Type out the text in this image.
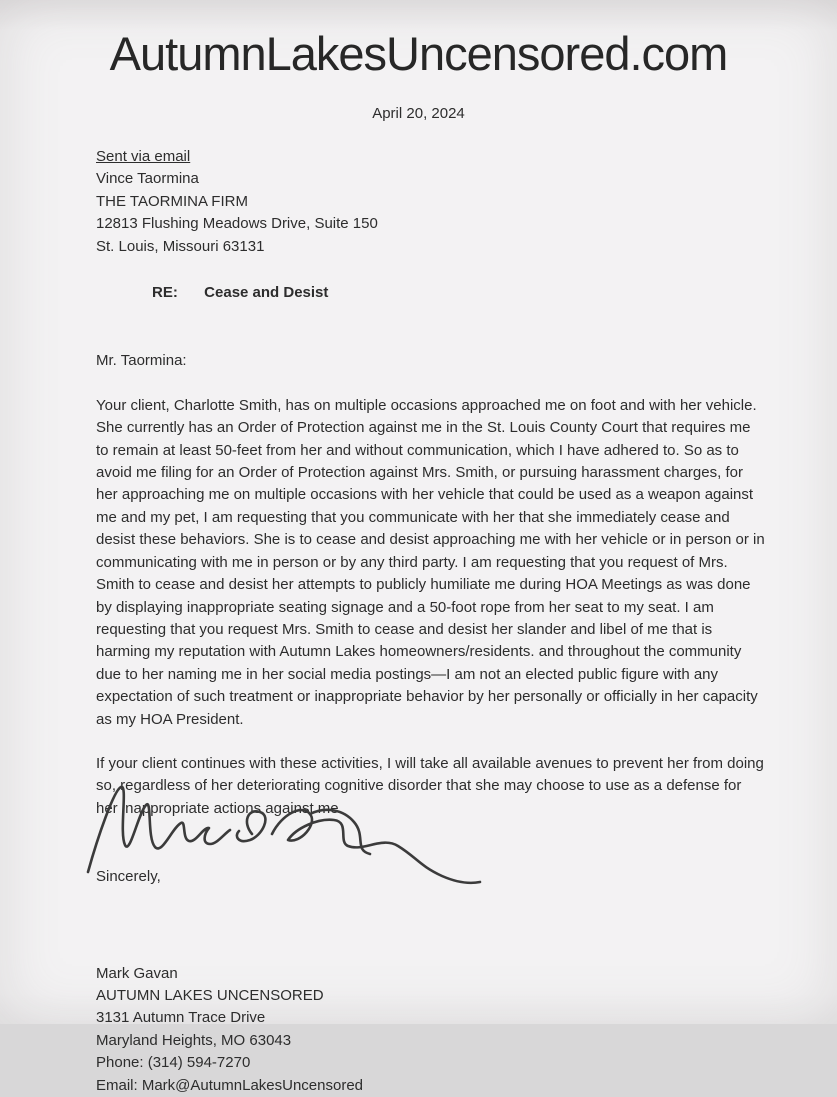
AutumnLakesUncensored.com
April 20, 2024
Sent via email
Vince Taormina
THE TAORMINA FIRM
12813 Flushing Meadows Drive, Suite 150
St. Louis, Missouri 63131
RE: Cease and Desist
Mr. Taormina:
Your client, Charlotte Smith, has on multiple occasions approached me on foot and with her vehicle. She currently has an Order of Protection against me in the St. Louis County Court that requires me to remain at least 50-feet from her and without communication, which I have adhered to. So as to avoid me filing for an Order of Protection against Mrs. Smith, or pursuing harassment charges, for her approaching me on multiple occasions with her vehicle that could be used as a weapon against me and my pet, I am requesting that you communicate with her that she immediately cease and desist these behaviors. She is to cease and desist approaching me with her vehicle or in person or in communicating with me in person or by any third party. I am requesting that you request of Mrs. Smith to cease and desist her attempts to publicly humiliate me during HOA Meetings as was done by displaying inappropriate seating signage and a 50-foot rope from her seat to my seat. I am requesting that you request Mrs. Smith to cease and desist her slander and libel of me that is harming my reputation with Autumn Lakes homeowners/residents. and throughout the community due to her naming me in her social media postings—I am not an elected public figure with any expectation of such treatment or inappropriate behavior by her personally or officially in her capacity as my HOA President.
If your client continues with these activities, I will take all available avenues to prevent her from doing so, regardless of her deteriorating cognitive disorder that she may choose to use as a defense for her inappropriate actions against me.
Sincerely,
Mark Gavan
AUTUMN LAKES UNCENSORED
3131 Autumn Trace Drive
Maryland Heights, MO 63043
Phone: (314) 594-7270
Email: Mark@AutumnLakesUncensored
